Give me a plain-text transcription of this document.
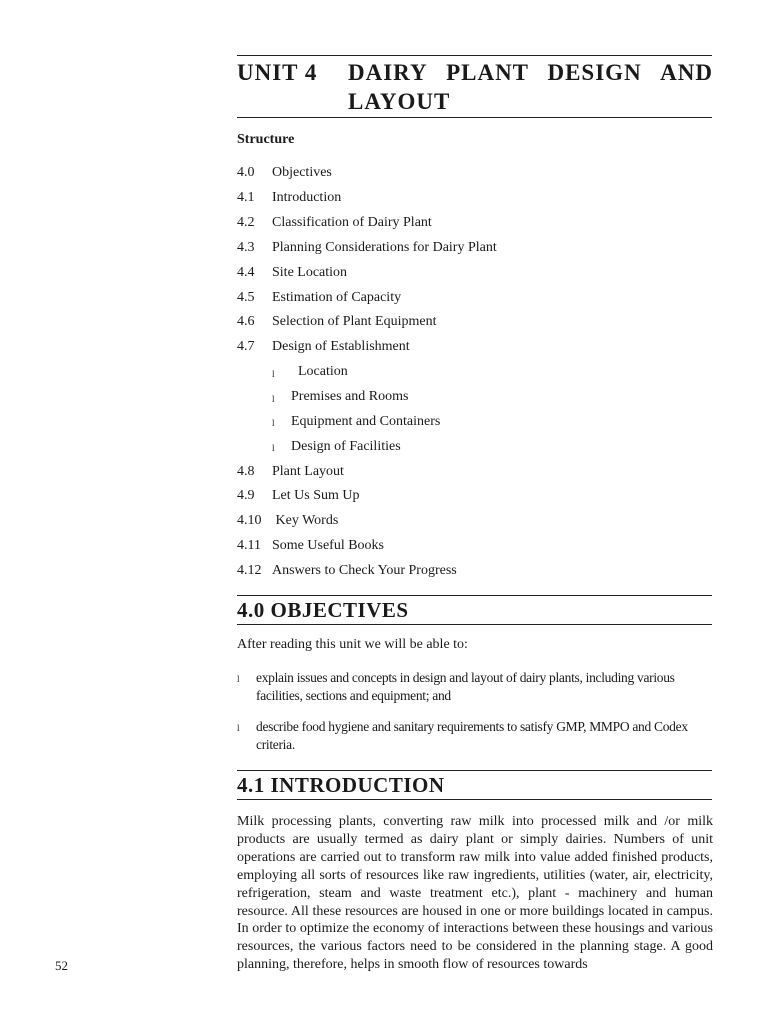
UNIT 4	DAIRY PLANT DESIGN AND
LAYOUT
Structure
4.0	Objectives
4.1	Introduction
4.2	Classification of Dairy Plant
4.3	Planning Considerations for Dairy Plant
4.4	Site Location
4.5	Estimation of Capacity
4.6	Selection of Plant Equipment
4.7	Design of Establishment
l	Location
l	Premises and Rooms
l	Equipment and Containers
l	Design of Facilities
4.8	Plant Layout
4.9	Let Us Sum Up
4.10 Key Words
4.11 Some Useful Books
4.12 Answers to Check Your Progress
4.0 OBJECTIVES
After reading this unit we will be able to:
l	explain issues and concepts in design and layout of dairy plants, including various facilities, sections and equipment; and
l	describe food hygiene and sanitary requirements to satisfy GMP, MMPO and Codex criteria.
4.1 INTRODUCTION
Milk processing plants, converting raw milk into processed milk and /or milk products are usually termed as dairy plant or simply dairies. Numbers of unit operations are carried out to transform raw milk into value added finished products, employing all sorts of resources like raw ingredients, utilities (water, air, electricity, refrigeration, steam and waste treatment etc.), plant - machinery and human resource. All these resources are housed in one or more buildings located in campus. In order to optimize the economy of interactions between these housings and various resources, the various factors need to be considered in the planning stage. A good planning, therefore, helps in smooth flow of resources towards
52
